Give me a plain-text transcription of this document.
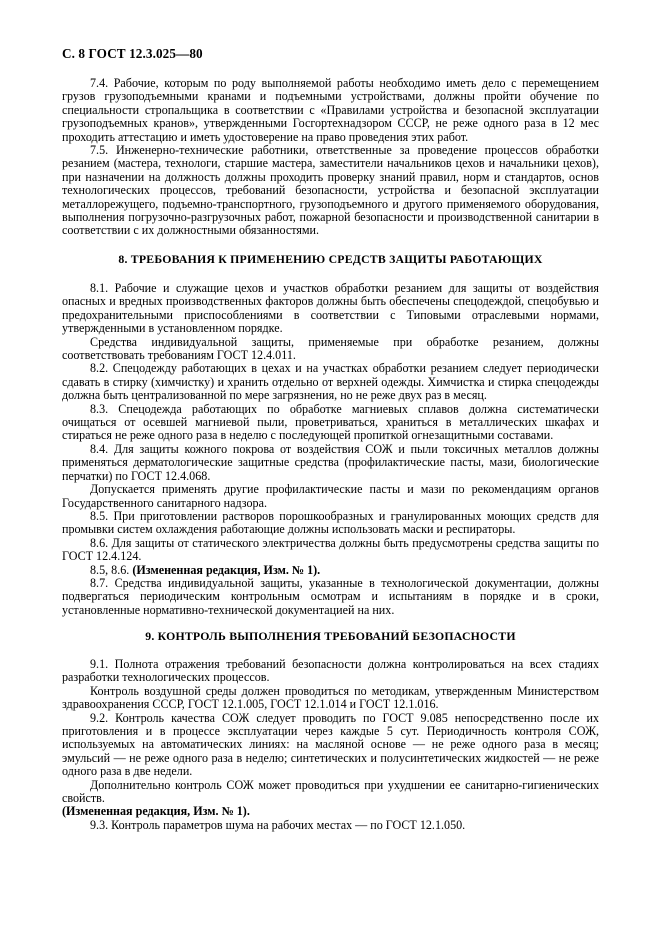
С. 8 ГОСТ 12.3.025—80

7.4. Рабочие, которым по роду выполняемой работы необходимо иметь дело с перемещением грузов грузоподъемными кранами и подъемными устройствами, должны пройти обучение по специальности стропальщика в соответствии с «Правилами устройства и безопасной эксплуатации грузоподъемных кранов», утвержденными Госгортехнадзором СССР, не реже одного раза в 12 мес проходить аттестацию и иметь удостоверение на право проведения этих работ.

7.5. Инженерно-технические работники, ответственные за проведение процессов обработки резанием (мастера, технологи, старшие мастера, заместители начальников цехов и начальники цехов), при назначении на должность должны проходить проверку знаний правил, норм и стандартов, основ технологических процессов, требований безопасности, устройства и безопасной эксплуатации металлорежущего, подъемно-транспортного, грузоподъемного и другого применяемого оборудования, выполнения погрузочно-разгрузочных работ, пожарной безопасности и производственной санитарии в соответствии с их должностными обязанностями.

8. ТРЕБОВАНИЯ К ПРИМЕНЕНИЮ СРЕДСТВ ЗАЩИТЫ РАБОТАЮЩИХ

8.1. Рабочие и служащие цехов и участков обработки резанием для защиты от воздействия опасных и вредных производственных факторов должны быть обеспечены спецодеждой, спецобувью и предохранительными приспособлениями в соответствии с Типовыми отраслевыми нормами, утвержденными в установленном порядке.

Средства индивидуальной защиты, применяемые при обработке резанием, должны соответствовать требованиям ГОСТ 12.4.011.

8.2. Спецодежду работающих в цехах и на участках обработки резанием следует периодически сдавать в стирку (химчистку) и хранить отдельно от верхней одежды. Химчистка и стирка спецодежды должна быть централизованной по мере загрязнения, но не реже двух раз в месяц.

8.3. Спецодежда работающих по обработке магниевых сплавов должна систематически очищаться от осевшей магниевой пыли, проветриваться, храниться в металлических шкафах и стираться не реже одного раза в неделю с последующей пропиткой огнезащитными составами.

8.4. Для защиты кожного покрова от воздействия СОЖ и пыли токсичных металлов должны применяться дерматологические защитные средства (профилактические пасты, мази, биологические перчатки) по ГОСТ 12.4.068.

Допускается применять другие профилактические пасты и мази по рекомендациям органов Государственного санитарного надзора.

8.5. При приготовлении растворов порошкообразных и гранулированных моющих средств для промывки систем охлаждения работающие должны использовать маски и респираторы.

8.6. Для защиты от статического электричества должны быть предусмотрены средства защиты по ГОСТ 12.4.124.

8.5, 8.6. (Измененная редакция, Изм. № 1).

8.7. Средства индивидуальной защиты, указанные в технологической документации, должны подвергаться периодическим контрольным осмотрам и испытаниям в порядке и в сроки, установленные нормативно-технической документацией на них.

9. КОНТРОЛЬ ВЫПОЛНЕНИЯ ТРЕБОВАНИЙ БЕЗОПАСНОСТИ

9.1. Полнота отражения требований безопасности должна контролироваться на всех стадиях разработки технологических процессов.

Контроль воздушной среды должен проводиться по методикам, утвержденным Министерством здравоохранения СССР, ГОСТ 12.1.005, ГОСТ 12.1.014 и ГОСТ 12.1.016.

9.2. Контроль качества СОЖ следует проводить по ГОСТ 9.085 непосредственно после их приготовления и в процессе эксплуатации через каждые 5 сут. Периодичность контроля СОЖ, используемых на автоматических линиях: на масляной основе — не реже одного раза в месяц; эмульсий — не реже одного раза в неделю; синтетических и полусинтетических жидкостей — не реже одного раза в две недели.

Дополнительно контроль СОЖ может проводиться при ухудшении ее санитарно-гигиенических свойств.

(Измененная редакция, Изм. № 1).

9.3. Контроль параметров шума на рабочих местах — по ГОСТ 12.1.050.
